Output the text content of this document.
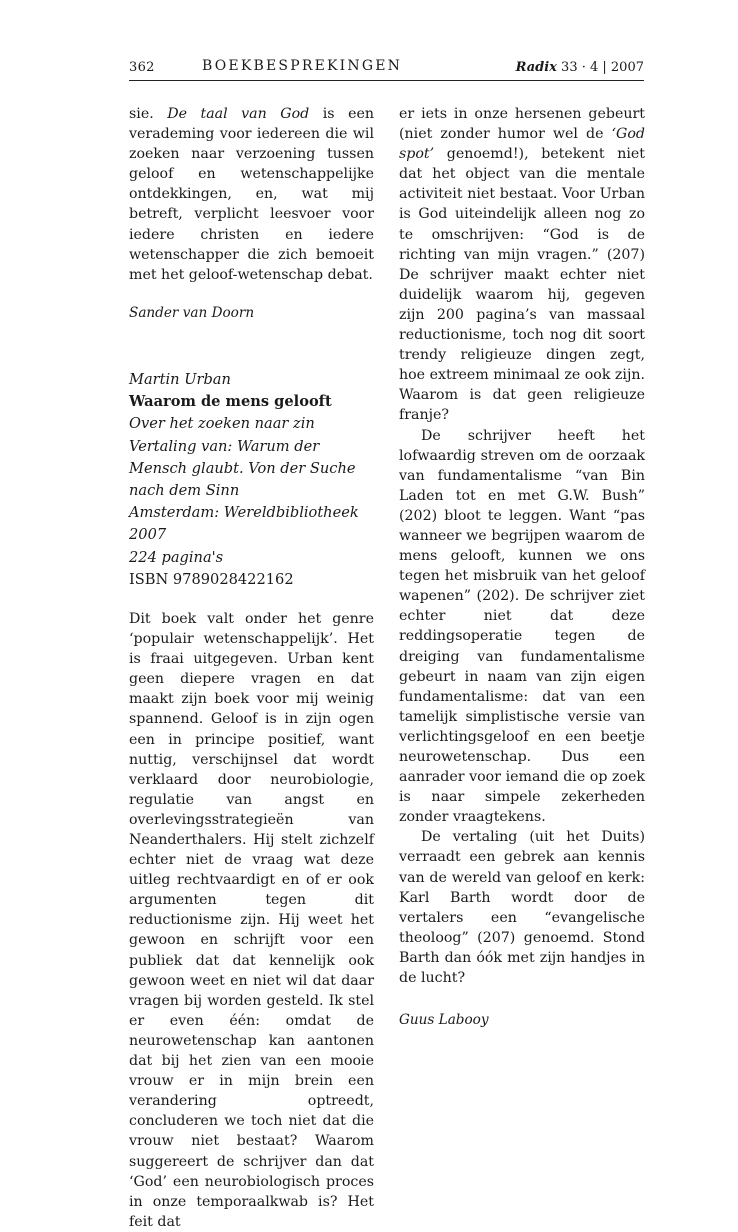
362	BOEKBESPREKINGEN	Radix 33 · 4 | 2007

sie. De taal van God is een verademing voor iedereen die wil zoeken naar verzoening tussen geloof en wetenschappelijke ontdekkingen, en, wat mij betreft, verplicht leesvoer voor iedere christen en iedere wetenschapper die zich bemoeit met het geloof-wetenschap debat.

Sander van Doorn

Martin Urban
Waarom de mens gelooft
Over het zoeken naar zin
Vertaling van: Warum der Mensch glaubt. Von der Suche nach dem Sinn
Amsterdam: Wereldbibliotheek 2007
224 pagina's
ISBN 9789028422162

Dit boek valt onder het genre ‘populair wetenschappelijk’. Het is fraai uitgegeven. Urban kent geen diepere vragen en dat maakt zijn boek voor mij weinig spannend. Geloof is in zijn ogen een in principe positief, want nuttig, verschijnsel dat wordt verklaard door neurobiologie, regulatie van angst en overlevingsstrategieën van Neanderthalers. Hij stelt zichzelf echter niet de vraag wat deze uitleg rechtvaardigt en of er ook argumenten tegen dit reductionisme zijn. Hij weet het gewoon en schrijft voor een publiek dat dat kennelijk ook gewoon weet en niet wil dat daar vragen bij worden gesteld. Ik stel er even één: omdat de neurowetenschap kan aantonen dat bij het zien van een mooie vrouw er in mijn brein een verandering optreedt, concluderen we toch niet dat die vrouw niet bestaat? Waarom suggereert de schrijver dan dat ‘God’ een neurobiologisch proces in onze temporaalkwab is? Het feit dat

er iets in onze hersenen gebeurt (niet zonder humor wel de ‘God spot’ genoemd!), betekent niet dat het object van die mentale activiteit niet bestaat. Voor Urban is God uiteindelijk alleen nog zo te omschrijven: “God is de richting van mijn vragen.” (207) De schrijver maakt echter niet duidelijk waarom hij, gegeven zijn 200 pagina’s van massaal reductionisme, toch nog dit soort trendy religieuze dingen zegt, hoe extreem minimaal ze ook zijn. Waarom is dat geen religieuze franje?

De schrijver heeft het lofwaardig streven om de oorzaak van fundamentalisme “van Bin Laden tot en met G.W. Bush” (202) bloot te leggen. Want “pas wanneer we begrijpen waarom de mens gelooft, kunnen we ons tegen het misbruik van het geloof wapenen” (202). De schrijver ziet echter niet dat deze reddingsoperatie tegen de dreiging van fundamentalisme gebeurt in naam van zijn eigen fundamentalisme: dat van een tamelijk simplistische versie van verlichtingsgeloof en een beetje neurowetenschap. Dus een aanrader voor iemand die op zoek is naar simpele zekerheden zonder vraagtekens.

De vertaling (uit het Duits) verraadt een gebrek aan kennis van de wereld van geloof en kerk: Karl Barth wordt door de vertalers een “evangelische theoloog” (207) genoemd. Stond Barth dan óók met zijn handjes in de lucht?

Guus Labooy
